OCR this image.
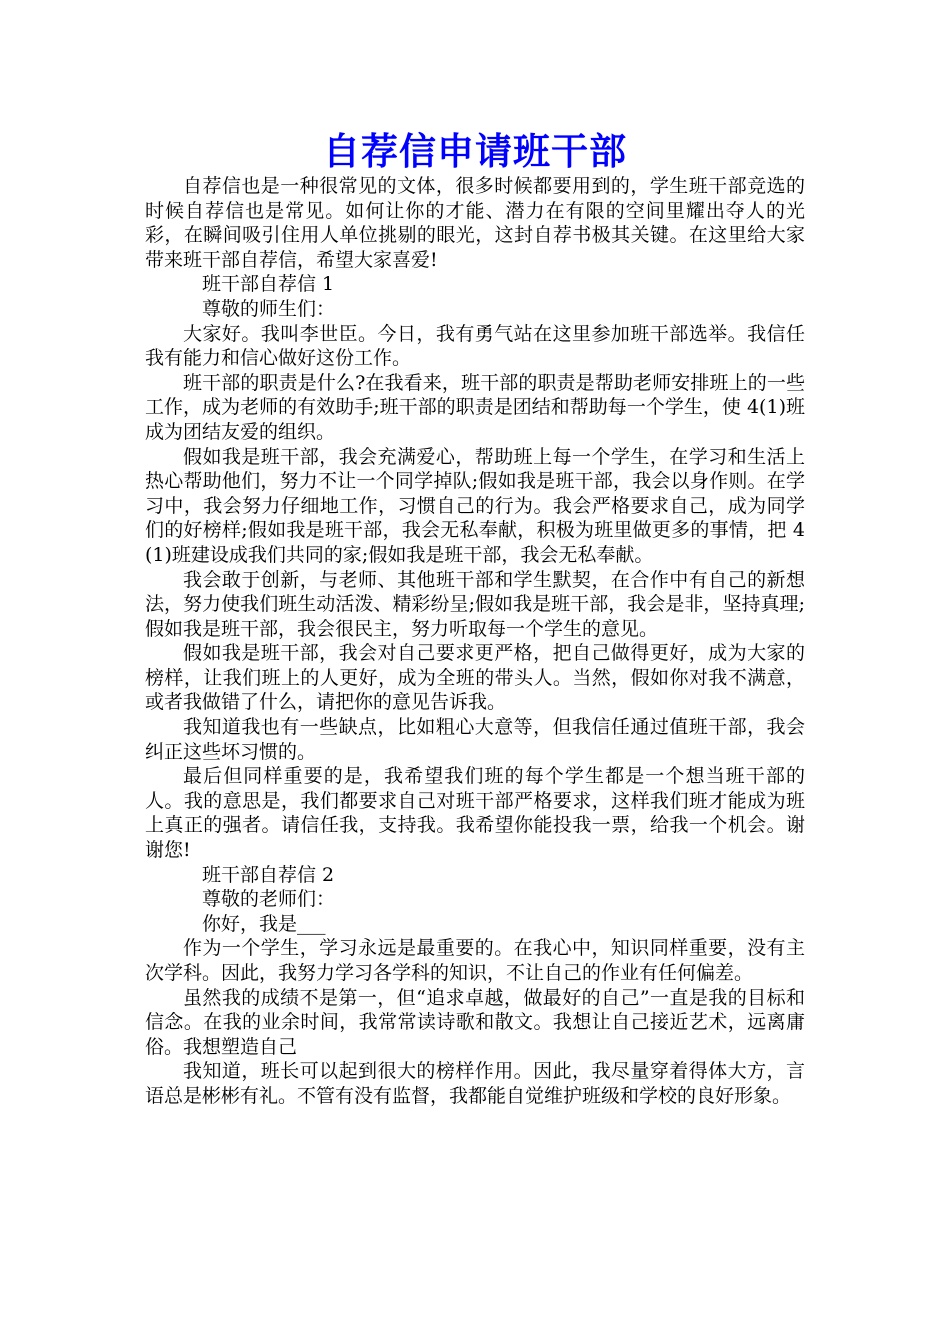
自荐信申请班干部

自荐信也是一种很常见的文体，很多时候都要用到的，学生班干部竞选的时候自荐信也是常见。如何让你的才能、潜力在有限的空间里耀出夺人的光彩，在瞬间吸引住用人单位挑剔的眼光，这封自荐书极其关键。在这里给大家带来班干部自荐信，希望大家喜爱!

班干部自荐信 1

尊敬的师生们：

大家好。我叫李世臣。今日，我有勇气站在这里参加班干部选举。我信任我有能力和信心做好这份工作。

班干部的职责是什么?在我看来，班干部的职责是帮助老师安排班上的一些工作，成为老师的有效助手;班干部的职责是团结和帮助每一个学生，使 4(1)班成为团结友爱的组织。

假如我是班干部，我会充满爱心，帮助班上每一个学生，在学习和生活上热心帮助他们，努力不让一个同学掉队;假如我是班干部，我会以身作则。在学习中，我会努力仔细地工作，习惯自己的行为。我会严格要求自己，成为同学们的好榜样;假如我是班干部，我会无私奉献，积极为班里做更多的事情，把 4(1)班建设成我们共同的家;假如我是班干部，我会无私奉献。

我会敢于创新，与老师、其他班干部和学生默契，在合作中有自己的新想法，努力使我们班生动活泼、精彩纷呈;假如我是班干部，我会是非，坚持真理;假如我是班干部，我会很民主，努力听取每一个学生的意见。

假如我是班干部，我会对自己要求更严格，把自己做得更好，成为大家的榜样，让我们班上的人更好，成为全班的带头人。当然，假如你对我不满意，或者我做错了什么，请把你的意见告诉我。

我知道我也有一些缺点，比如粗心大意等，但我信任通过值班干部，我会纠正这些坏习惯的。

最后但同样重要的是，我希望我们班的每个学生都是一个想当班干部的人。我的意思是，我们都要求自己对班干部严格要求，这样我们班才能成为班上真正的强者。请信任我，支持我。我希望你能投我一票，给我一个机会。谢谢您!

班干部自荐信 2

尊敬的老师们：

你好，我是___

作为一个学生，学习永远是最重要的。在我心中，知识同样重要，没有主次学科。因此，我努力学习各学科的知识，不让自己的作业有任何偏差。

虽然我的成绩不是第一，但“追求卓越，做最好的自己”一直是我的目标和信念。在我的业余时间，我常常读诗歌和散文。我想让自己接近艺术，远离庸俗。我想塑造自己

我知道，班长可以起到很大的榜样作用。因此，我尽量穿着得体大方，言语总是彬彬有礼。不管有没有监督，我都能自觉维护班级和学校的良好形象。
